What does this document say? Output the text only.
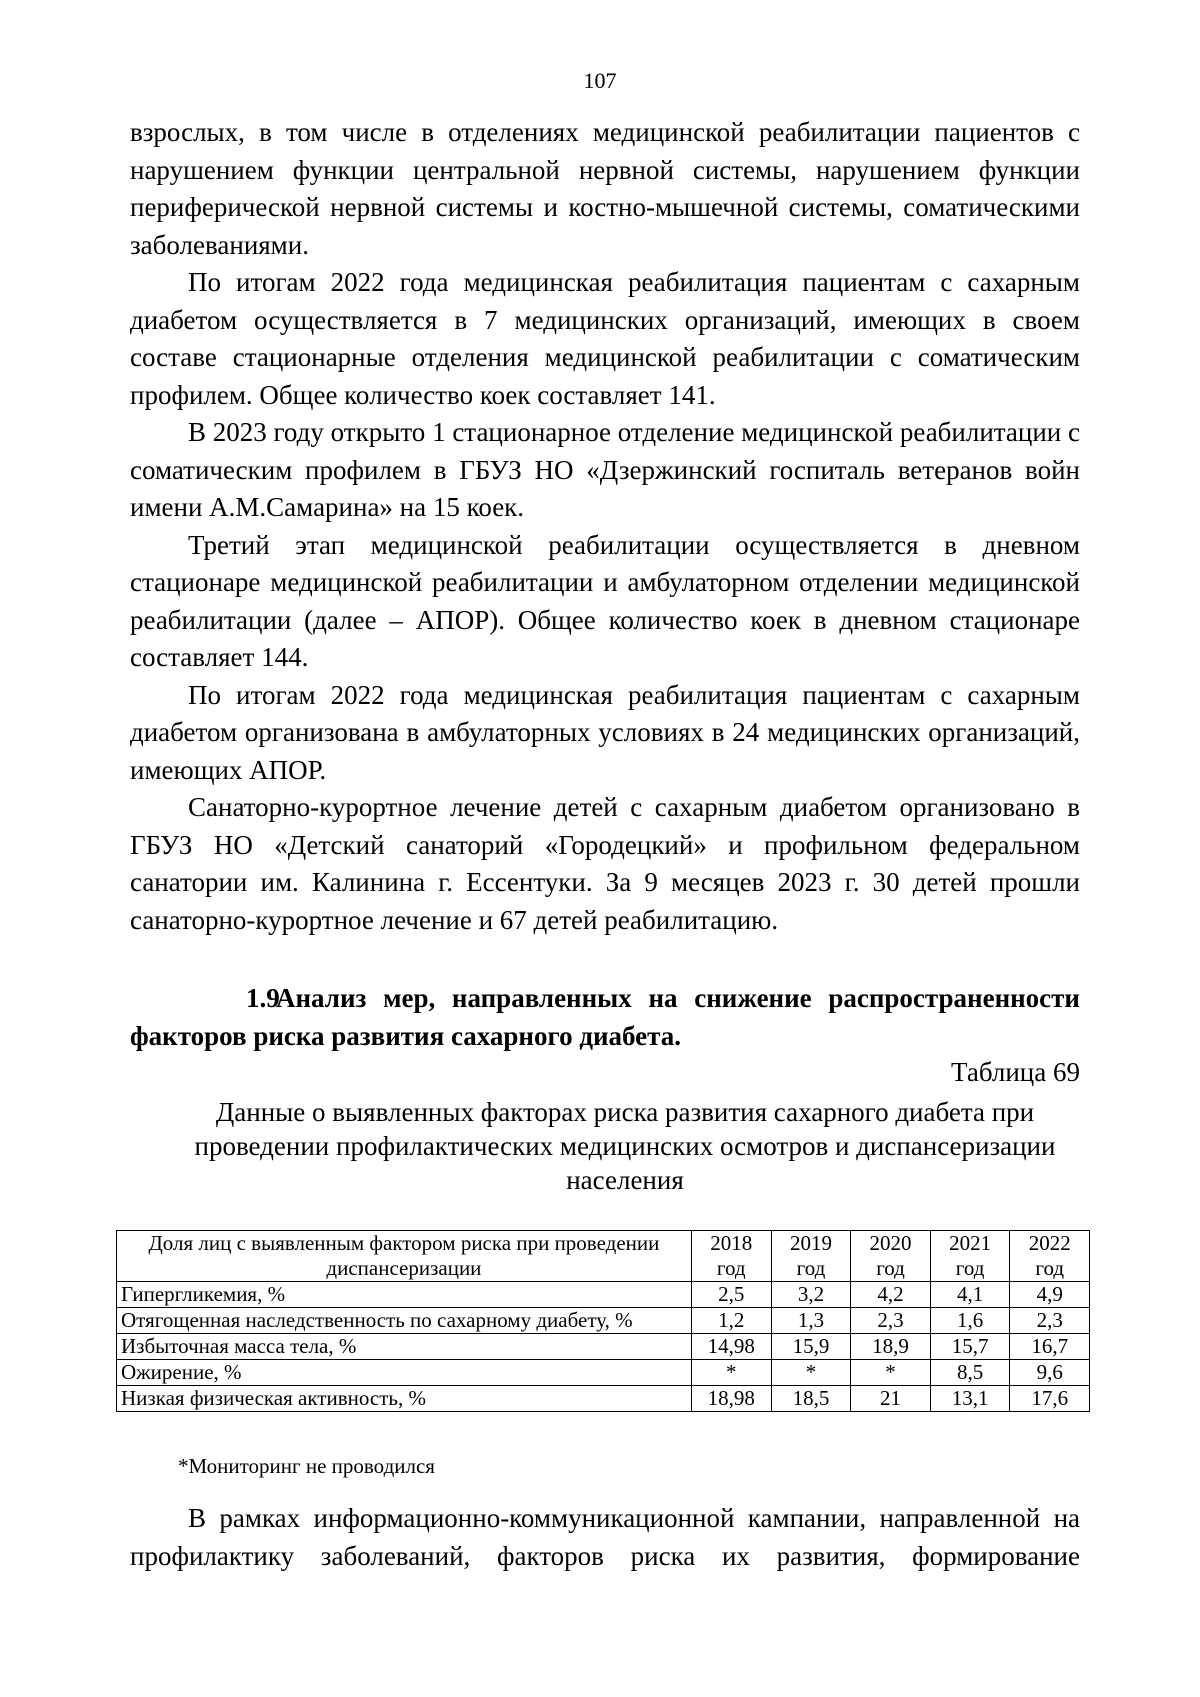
107

взрослых, в том числе в отделениях медицинской реабилитации пациентов с нарушением функции центральной нервной системы, нарушением функции периферической нервной системы и костно-мышечной системы, соматическими заболеваниями.

По итогам 2022 года медицинская реабилитация пациентам с сахарным диабетом осуществляется в 7 медицинских организаций, имеющих в своем составе стационарные отделения медицинской реабилитации с соматическим профилем. Общее количество коек составляет 141.

В 2023 году открыто 1 стационарное отделение медицинской реабилитации с соматическим профилем в ГБУЗ НО «Дзержинский госпиталь ветеранов войн имени А.М.Самарина» на 15 коек.

Третий этап медицинской реабилитации осуществляется в дневном стационаре медицинской реабилитации и амбулаторном отделении медицинской реабилитации (далее – АПОР). Общее количество коек в дневном стационаре составляет 144.

По итогам 2022 года медицинская реабилитация пациентам с сахарным диабетом организована в амбулаторных условиях в 24 медицинских организаций, имеющих АПОР.

Санаторно-курортное лечение детей с сахарным диабетом организовано в ГБУЗ НО «Детский санаторий «Городецкий» и профильном федеральном санатории им. Калинина г. Ессентуки. За 9 месяцев 2023 г. 30 детей прошли санаторно-курортное лечение и 67 детей реабилитацию.

1.9Анализ мер, направленных на снижение распространенности факторов риска развития сахарного диабета.

Таблица 69
Данные о выявленных факторах риска развития сахарного диабета при
проведении профилактических медицинских осмотров и диспансеризации
населения
Доля лиц с выявленным фактором риска при проведении диспансеризации	2018 год	2019 год	2020 год	2021 год	2022 год
Гипергликемия, %	2,5	3,2	4,2	4,1	4,9
Отягощенная наследственность по сахарному диабету, %	1,2	1,3	2,3	1,6	2,3
Избыточная масса тела, %	14,98	15,9	18,9	15,7	16,7
Ожирение, %	*	*	*	8,5	9,6
Низкая физическая активность, %	18,98	18,5	21	13,1	17,6
*Мониторинг не проводился

В рамках информационно-коммуникационной кампании, направленной на

профилактику заболеваний, факторов риска их развития, формирование
